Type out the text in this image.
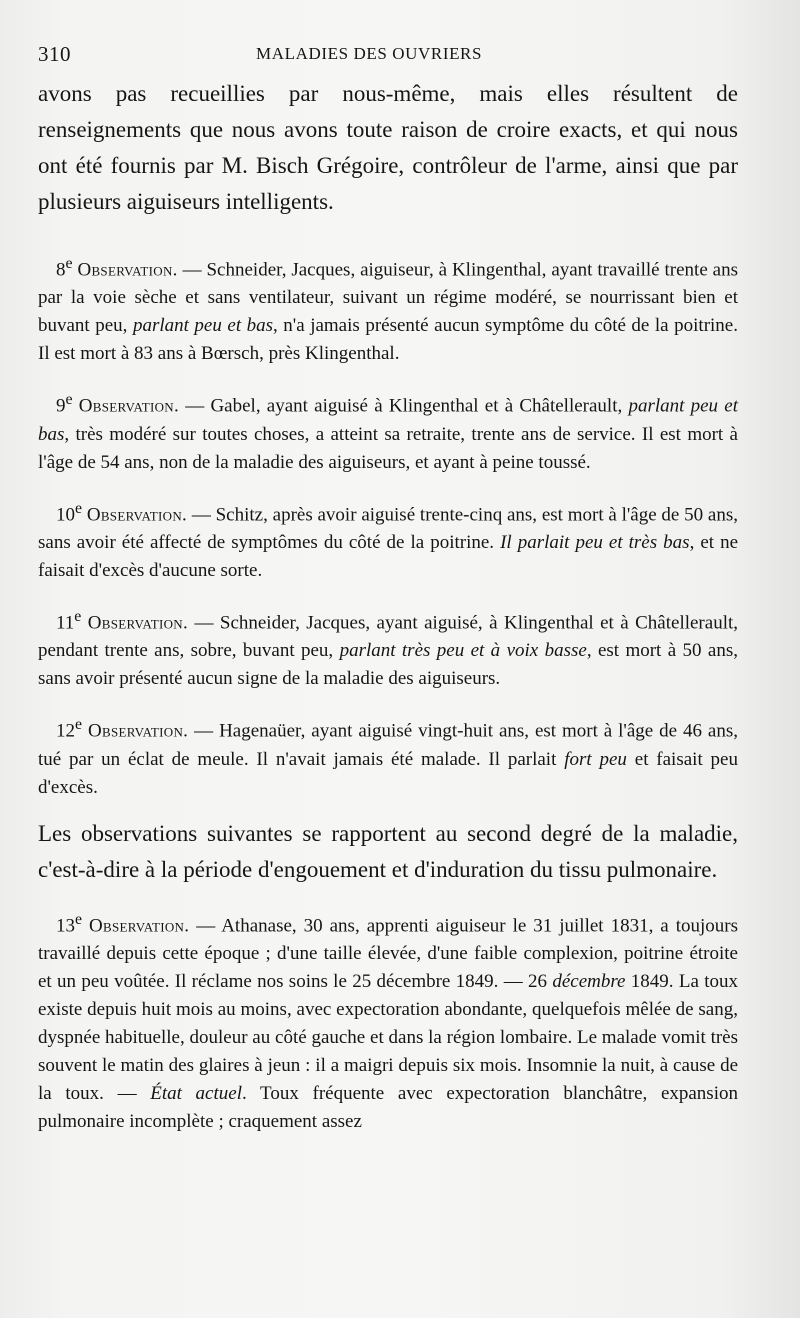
310	MALADIES DES OUVRIERS

avons pas recueillies par nous-même, mais elles résultent de renseignements que nous avons toute raison de croire exacts, et qui nous ont été fournis par M. Bisch Grégoire, contrôleur de l'arme, ainsi que par plusieurs aiguiseurs intelligents.

8e Observation. — Schneider, Jacques, aiguiseur, à Klingenthal, ayant travaillé trente ans par la voie sèche et sans ventilateur, suivant un régime modéré, se nourrissant bien et buvant peu, parlant peu et bas, n'a jamais présenté aucun symptôme du côté de la poitrine. Il est mort à 83 ans à Bœrsch, près Klingenthal.

9e Observation. — Gabel, ayant aiguisé à Klingenthal et à Châtellerault, parlant peu et bas, très modéré sur toutes choses, a atteint sa retraite, trente ans de service. Il est mort à l'âge de 54 ans, non de la maladie des aiguiseurs, et ayant à peine toussé.

10e Observation. — Schitz, après avoir aiguisé trente-cinq ans, est mort à l'âge de 50 ans, sans avoir été affecté de symptômes du côté de la poitrine. Il parlait peu et très bas, et ne faisait d'excès d'aucune sorte.

11e Observation. — Schneider, Jacques, ayant aiguisé, à Klingenthal et à Châtellerault, pendant trente ans, sobre, buvant peu, parlant très peu et à voix basse, est mort à 50 ans, sans avoir présenté aucun signe de la maladie des aiguiseurs.

12e Observation. — Hagenaüer, ayant aiguisé vingt-huit ans, est mort à l'âge de 46 ans, tué par un éclat de meule. Il n'avait jamais été malade. Il parlait fort peu et faisait peu d'excès.

Les observations suivantes se rapportent au second degré de la maladie, c'est-à-dire à la période d'engouement et d'induration du tissu pulmonaire.

13e Observation. — Athanase, 30 ans, apprenti aiguiseur le 31 juillet 1831, a toujours travaillé depuis cette époque ; d'une taille élevée, d'une faible complexion, poitrine étroite et un peu voûtée. Il réclame nos soins le 25 décembre 1849. — 26 décembre 1849. La toux existe depuis huit mois au moins, avec expectoration abondante, quelquefois mêlée de sang, dyspnée habituelle, douleur au côté gauche et dans la région lombaire. Le malade vomit très souvent le matin des glaires à jeun : il a maigri depuis six mois. Insomnie la nuit, à cause de la toux. — État actuel. Toux fréquente avec expectoration blanchâtre, expansion pulmonaire incomplète ; craquement assez
